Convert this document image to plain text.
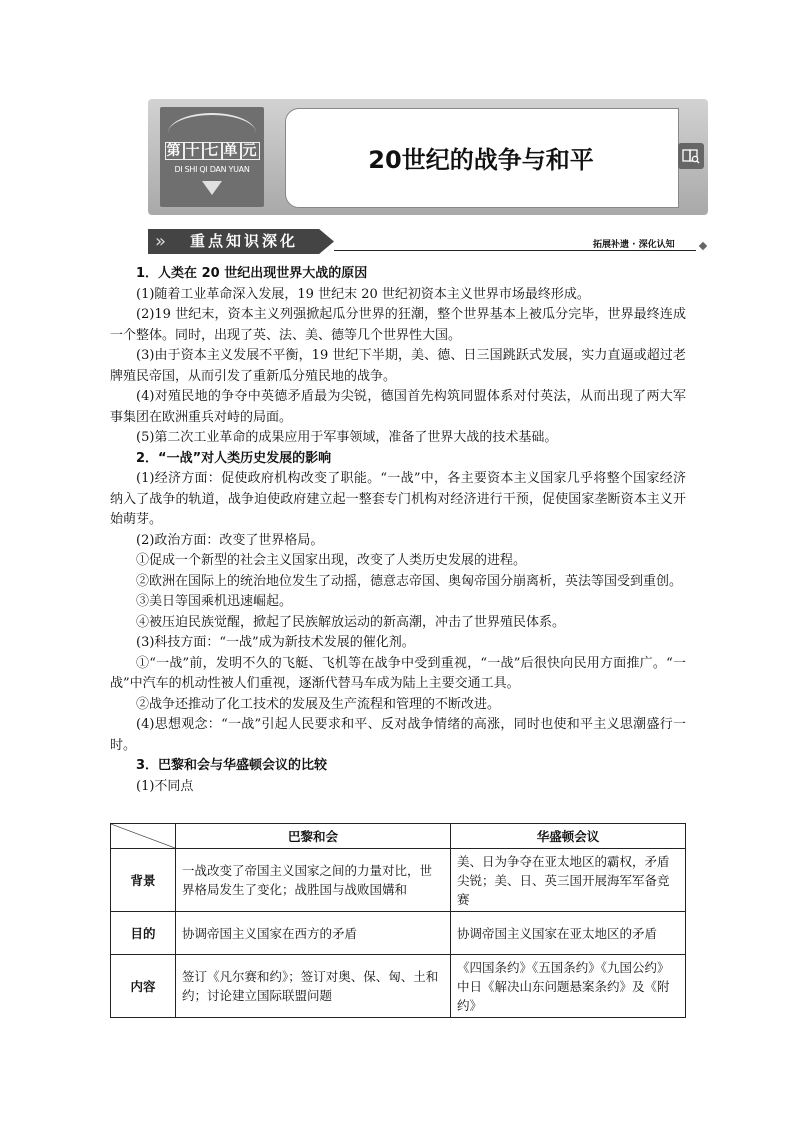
第 十 七 单 元
DI SHI QI DAN YUAN	20世纪的战争与和平
» 重点知识深化	拓展补遗 · 深化认知

1．人类在 20 世纪出现世界大战的原因

(1)随着工业革命深入发展，19 世纪末 20 世纪初资本主义世界市场最终形成。

(2)19 世纪末，资本主义列强掀起瓜分世界的狂潮，整个世界基本上被瓜分完毕，世界最终连成一个整体。同时，出现了英、法、美、德等几个世界性大国。

(3)由于资本主义发展不平衡，19 世纪下半期，美、德、日三国跳跃式发展，实力直逼或超过老牌殖民帝国，从而引发了重新瓜分殖民地的战争。

(4)对殖民地的争夺中英德矛盾最为尖锐，德国首先构筑同盟体系对付英法，从而出现了两大军事集团在欧洲重兵对峙的局面。

(5)第二次工业革命的成果应用于军事领域，准备了世界大战的技术基础。

2．“一战”对人类历史发展的影响

(1)经济方面：促使政府机构改变了职能。“一战”中，各主要资本主义国家几乎将整个国家经济纳入了战争的轨道，战争迫使政府建立起一整套专门机构对经济进行干预，促使国家垄断资本主义开始萌芽。

(2)政治方面：改变了世界格局。

①促成一个新型的社会主义国家出现，改变了人类历史发展的进程。

②欧洲在国际上的统治地位发生了动摇，德意志帝国、奥匈帝国分崩离析，英法等国受到重创。

③美日等国乘机迅速崛起。

④被压迫民族觉醒，掀起了民族解放运动的新高潮，冲击了世界殖民体系。

(3)科技方面：“一战”成为新技术发展的催化剂。

①“一战”前，发明不久的飞艇、飞机等在战争中受到重视，“一战”后很快向民用方面推广。“一战”中汽车的机动性被人们重视，逐渐代替马车成为陆上主要交通工具。

②战争还推动了化工技术的发展及生产流程和管理的不断改进。

(4)思想观念：“一战”引起人民要求和平、反对战争情绪的高涨，同时也使和平主义思潮盛行一时。

3．巴黎和会与华盛顿会议的比较

(1)不同点

	巴黎和会	华盛顿会议
背景	一战改变了帝国主义国家之间的力量对比，世界格局发生了变化；战胜国与战败国媾和	美、日为争夺在亚太地区的霸权，矛盾尖锐；美、日、英三国开展海军军备竞赛
目的	协调帝国主义国家在西方的矛盾	协调帝国主义国家在亚太地区的矛盾
内容	签订《凡尔赛和约》；签订对奥、保、匈、土和约；讨论建立国际联盟问题	《四国条约》《五国条约》《九国公约》中日《解决山东问题悬案条约》及《附约》
